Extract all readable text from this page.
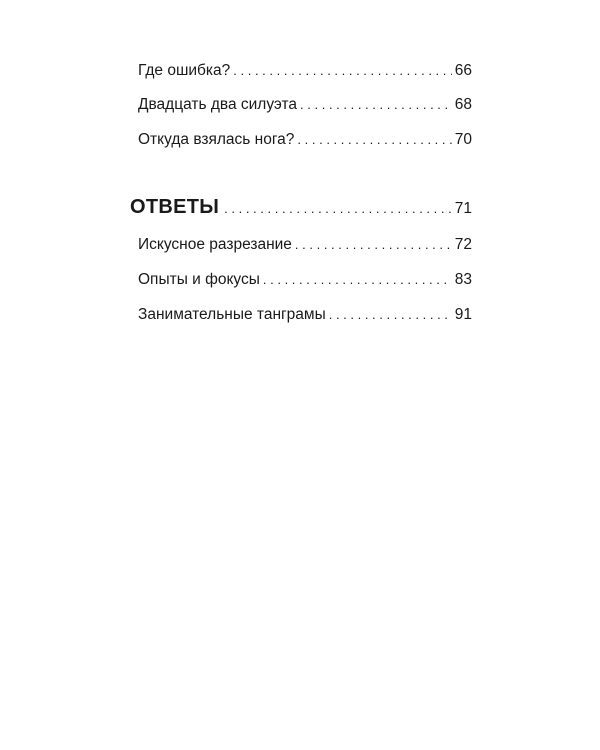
Где ошибка? . . .	66
Двадцать два силуэта . . .	68
Откуда взялась нога? . . .	70
ОТВЕТЫ . . .	71
Искусное разрезание . . .	72
Опыты и фокусы . . .	83
Занимательные танграмы . . .	91
